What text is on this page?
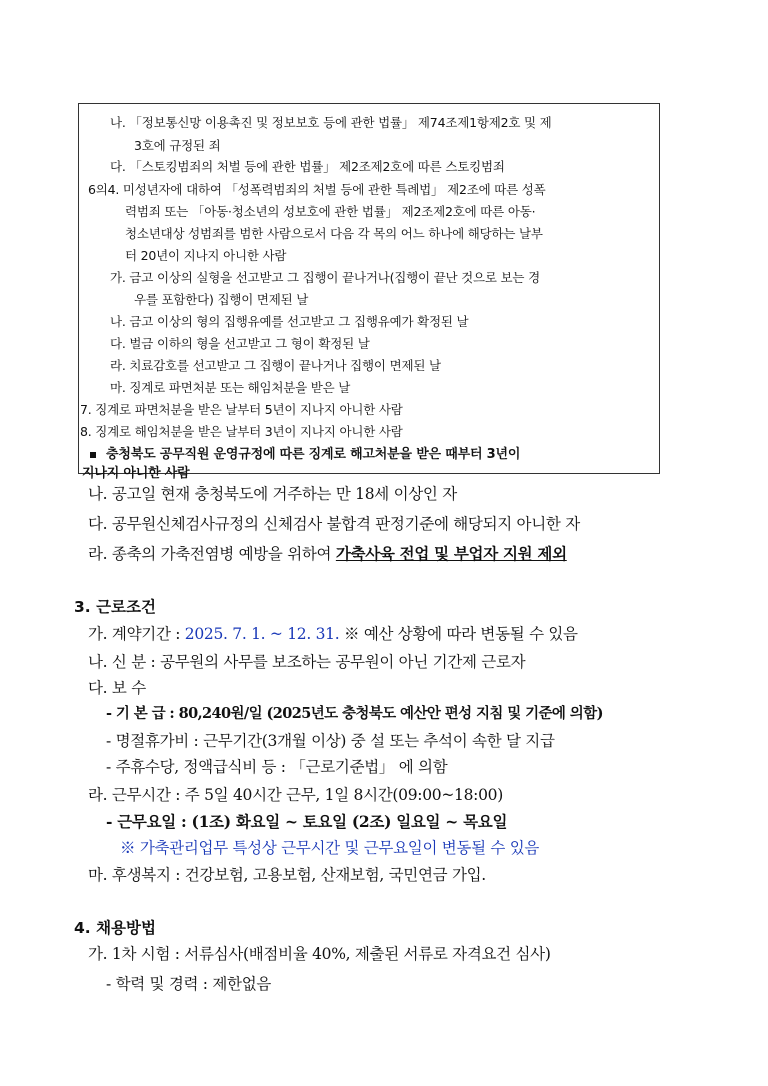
나. 「정보통신망 이용촉진 및 정보보호 등에 관한 법률」 제74조제1항제2호 및 제
3호에 규정된 죄
다. 「스토킹범죄의 처벌 등에 관한 법률」 제2조제2호에 따른 스토킹범죄
6의4. 미성년자에 대하여 「성폭력범죄의 처벌 등에 관한 특례법」 제2조에 따른 성폭
력범죄 또는 「아동·청소년의 성보호에 관한 법률」 제2조제2호에 따른 아동·
청소년대상 성범죄를 범한 사람으로서 다음 각 목의 어느 하나에 해당하는 날부
터 20년이 지나지 아니한 사람
가. 금고 이상의 실형을 선고받고 그 집행이 끝나거나(집행이 끝난 것으로 보는 경
우를 포함한다) 집행이 면제된 날
나. 금고 이상의 형의 집행유예를 선고받고 그 집행유예가 확정된 날
다. 벌금 이하의 형을 선고받고 그 형이 확정된 날
라. 치료감호를 선고받고 그 집행이 끝나거나 집행이 면제된 날
마. 징계로 파면처분 또는 해임처분을 받은 날
7. 징계로 파면처분을 받은 날부터 5년이 지나지 아니한 사람
8. 징계로 해임처분을 받은 날부터 3년이 지나지 아니한 사람
충청북도 공무직원 운영규정에 따른 징계로 해고처분을 받은 때부터 3년이
지나지 아니한 사람
나. 공고일 현재 충청북도에 거주하는 만 18세 이상인 자
다. 공무원신체검사규정의 신체검사 불합격 판정기준에 해당되지 아니한 자
라. 종축의 가축전염병 예방을 위하여 가축사육 전업 및 부업자 지원 제외
3. 근로조건
가. 계약기간 : 2025. 7. 1. ~ 12. 31. ※ 예산 상황에 따라 변동될 수 있음
나. 신 분 : 공무원의 사무를 보조하는 공무원이 아닌 기간제 근로자
다. 보 수
- 기 본 급 : 80,240원/일 (2025년도 충청북도 예산안 편성 지침 및 기준에 의함)
- 명절휴가비 : 근무기간(3개월 이상) 중 설 또는 추석이 속한 달 지급
- 주휴수당, 정액급식비 등 : 「근로기준법」 에 의함
라. 근무시간 : 주 5일 40시간 근무, 1일 8시간(09:00~18:00)
- 근무요일 : (1조) 화요일 ~ 토요일 (2조) 일요일 ~ 목요일
※ 가축관리업무 특성상 근무시간 및 근무요일이 변동될 수 있음
마. 후생복지 : 건강보험, 고용보험, 산재보험, 국민연금 가입.
4. 채용방법
가. 1차 시험 : 서류심사(배점비율 40%, 제출된 서류로 자격요건 심사)
- 학력 및 경력 : 제한없음
